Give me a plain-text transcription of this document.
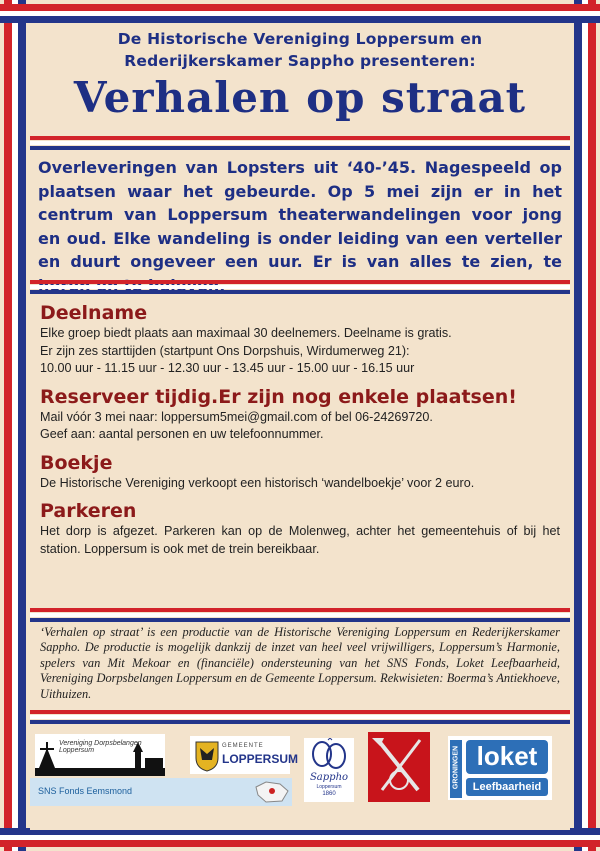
De Historische Vereniging Loppersum en
Rederijkerskamer Sappho presenteren:
Verhalen op straat

Overleveringen van Lopsters uit ‘40-’45. Nagespeeld op plaatsen waar het gebeurde. Op 5 mei zijn er in het centrum van Loppersum theaterwandelingen voor jong en oud. Elke wandeling is onder leiding van een verteller en duurt ongeveer een uur. Er is van alles te zien, te

Deelname

Elke groep biedt plaats aan maximaal 30 deelnemers. Deelname is gratis.

Er zijn zes starttijden (startpunt Ons Dorpshuis, Wirdumerweg 21):

10.00 uur - 11.15 uur - 12.30 uur - 13.45 uur - 15.00 uur - 16.15 uur

Reserveer tijdig.Er zijn nog enkele plaatsen!

Mail vóór 3 mei naar: loppersum5mei@gmail.com of bel 06-24269720.

Geef aan: aantal personen en uw telefoonnummer.

Boekje

De Historische Vereniging verkoopt een historisch ‘wandelboekje’ voor 2 euro.

Parkeren

Het dorp is afgezet. Parkeren kan op de Molenweg, achter het gemeentehuis of bij het station. Loppersum is ook met de trein bereikbaar.

‘Verhalen op straat’ is een productie van de Historische Vereniging Loppersum en Rederijkerskamer Sappho. De productie is mogelijk dankzij de inzet van heel veel vrijwilligers, Loppersum’s Harmonie, spelers van Mit Mekoar en (financiële) ondersteuning van het SNS Fonds, Loket Leefbaarheid, Vereniging Dorpsbelangen Loppersum en de Gemeente Loppersum. Rekwisieten: Boerma’s Antiekhoeve, Uithuizen.

Vereniging Dorpsbelangen Loppersum
GEMEENTE
LOPPERSUM
SNS Fonds Eemsmond
Sappho
Loppersum
1860
GRONINGEN loket
Leefbaarheid
